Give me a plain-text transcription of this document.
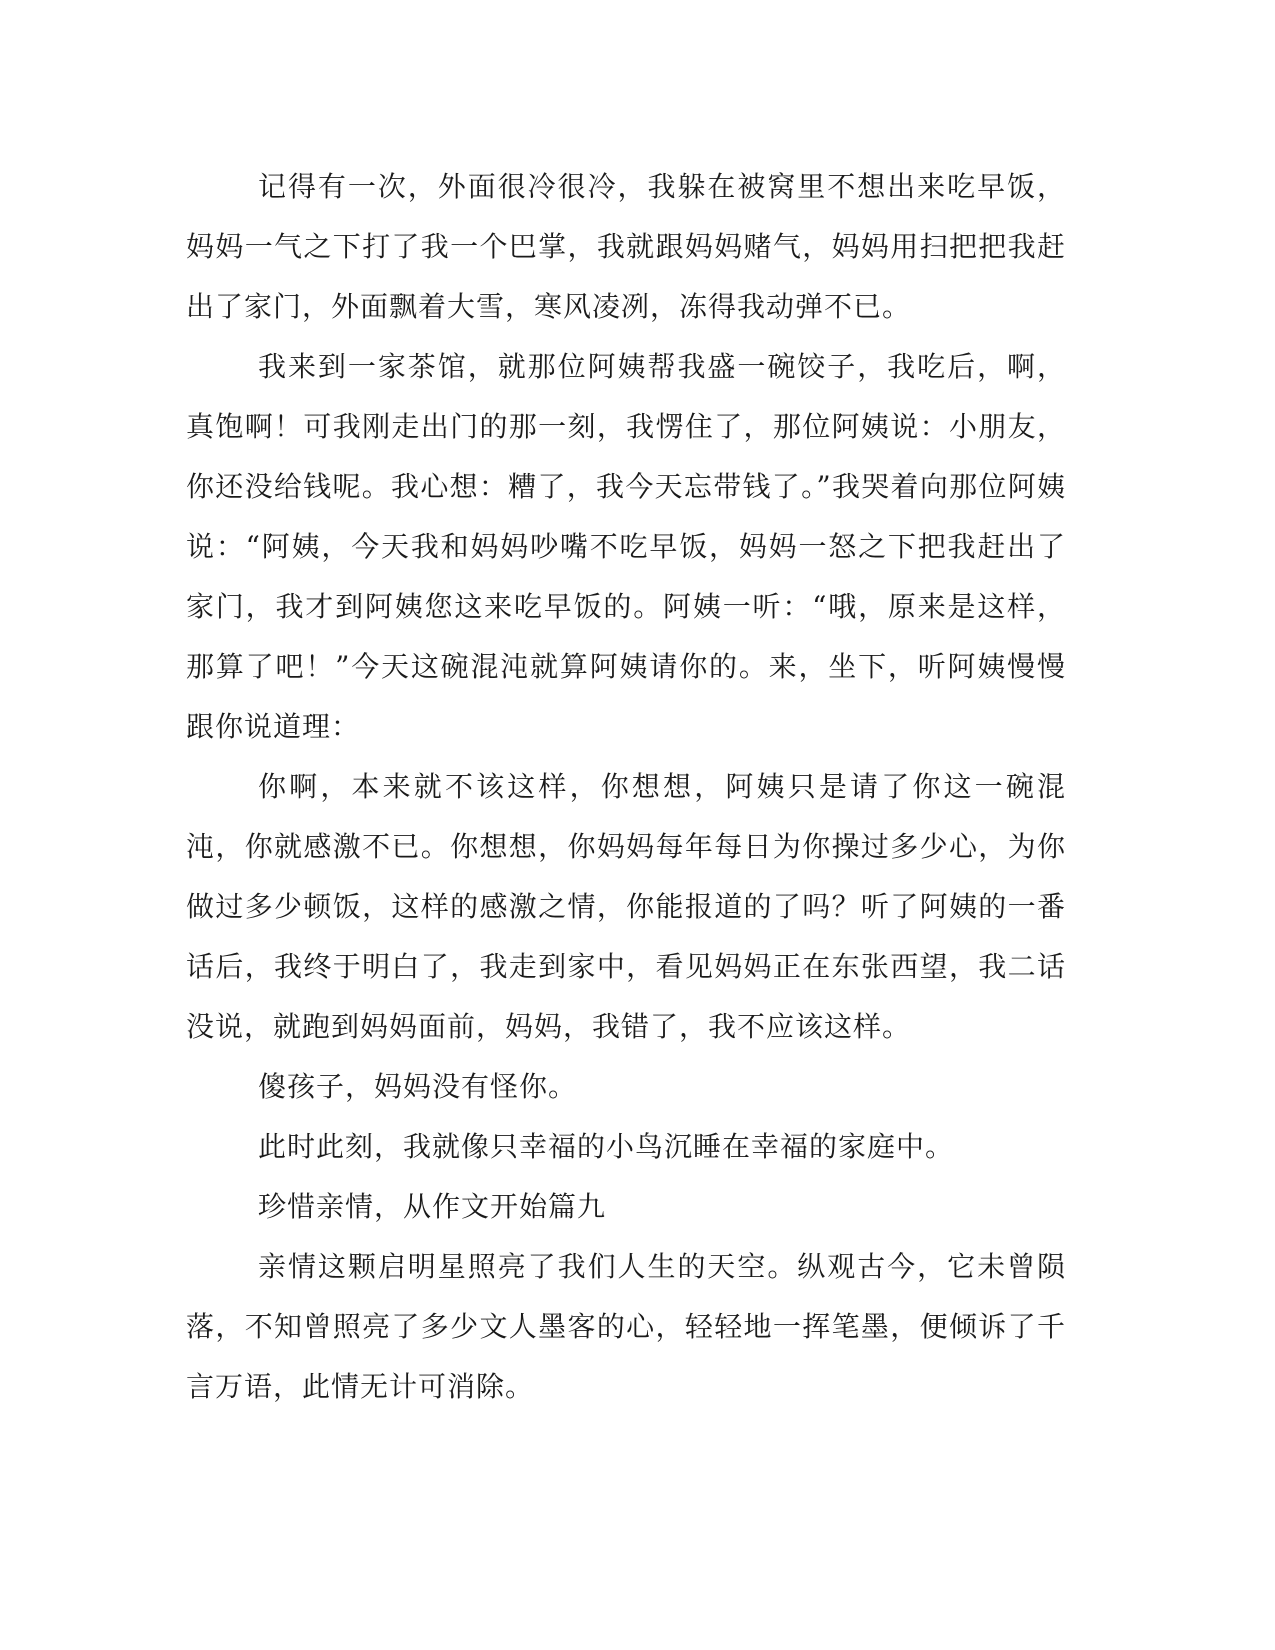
记得有一次，外面很冷很冷，我躲在被窝里不想出来吃早饭，妈妈一气之下打了我一个巴掌，我就跟妈妈赌气，妈妈用扫把把我赶出了家门，外面飘着大雪，寒风凌冽，冻得我动弹不已。

我来到一家茶馆，就那位阿姨帮我盛一碗饺子，我吃后，啊，真饱啊！可我刚走出门的那一刻，我愣住了，那位阿姨说：小朋友，你还没给钱呢。我心想：糟了，我今天忘带钱了。”我哭着向那位阿姨说：“阿姨，今天我和妈妈吵嘴不吃早饭，妈妈一怒之下把我赶出了家门，我才到阿姨您这来吃早饭的。阿姨一听：“哦，原来是这样，那算了吧！”今天这碗混沌就算阿姨请你的。来，坐下，听阿姨慢慢跟你说道理：

你啊，本来就不该这样，你想想，阿姨只是请了你这一碗混沌，你就感激不已。你想想，你妈妈每年每日为你操过多少心，为你做过多少顿饭，这样的感激之情，你能报道的了吗？听了阿姨的一番话后，我终于明白了，我走到家中，看见妈妈正在东张西望，我二话没说，就跑到妈妈面前，妈妈，我错了，我不应该这样。

傻孩子，妈妈没有怪你。

此时此刻，我就像只幸福的小鸟沉睡在幸福的家庭中。

珍惜亲情，从作文开始篇九

亲情这颗启明星照亮了我们人生的天空。纵观古今，它未曾陨落，不知曾照亮了多少文人墨客的心，轻轻地一挥笔墨，便倾诉了千言万语，此情无计可消除。
